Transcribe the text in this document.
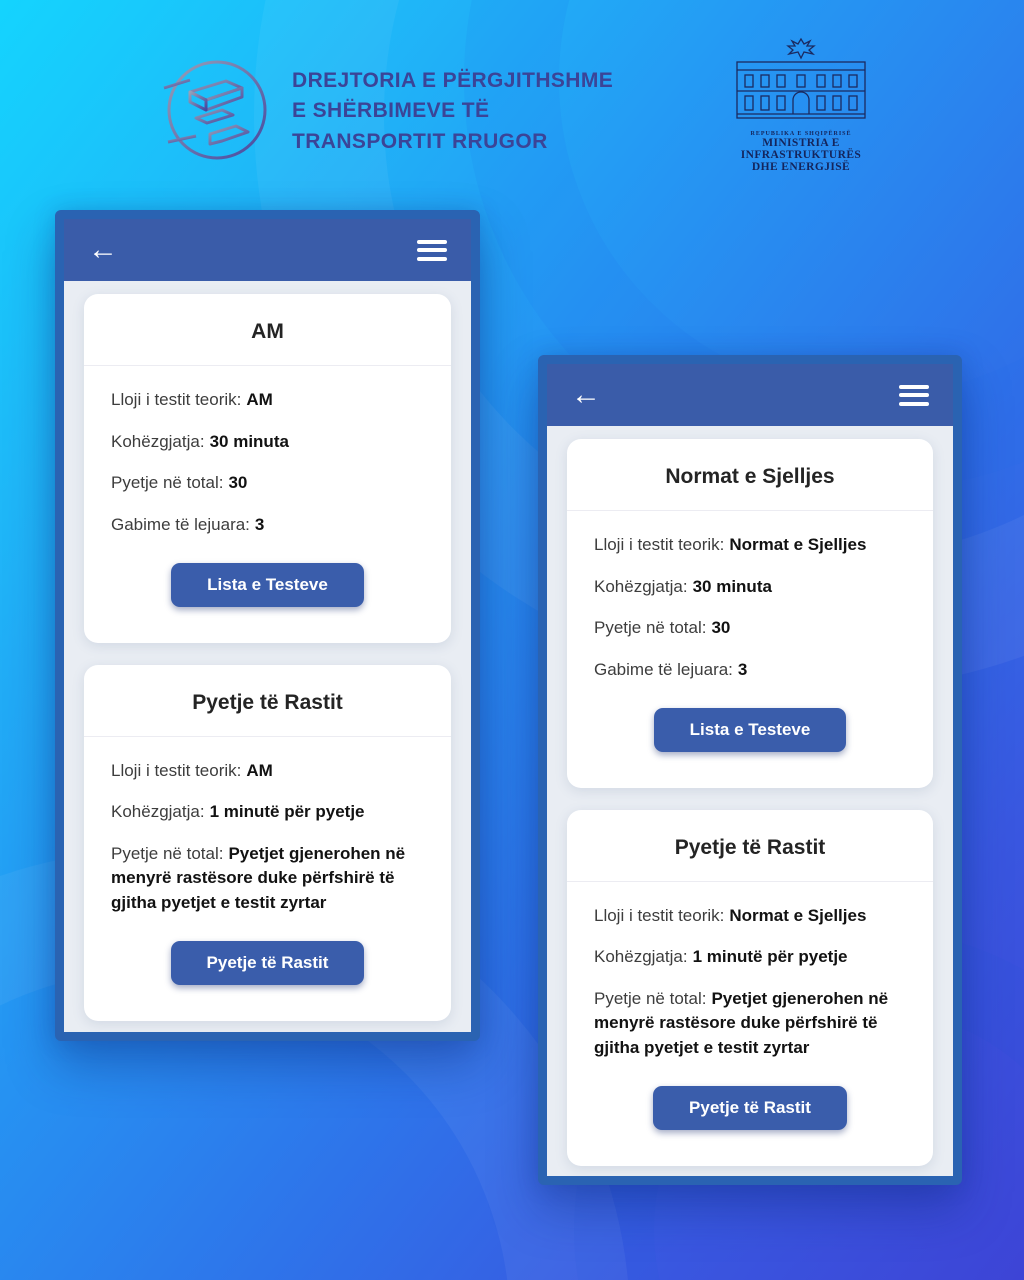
DREJTORIA E PËRGJITHSHME
E SHËRBIMEVE TË
TRANSPORTIT RRUGOR	REPUBLIKA E SHQIPËRISË
MINISTRIA E INFRASTRUKTURËS
DHE ENERGJISË
←
AM

Lloji i testit teorik: AM

Kohëzgjatja: 30 minuta

Pyetje në total: 30

Gabime të lejuara: 3

Lista e Testeve
Pyetje të Rastit

Lloji i testit teorik: AM

Kohëzgjatja: 1 minutë për pyetje

Pyetje në total: Pyetjet gjenerohen në menyrë rastësore duke përfshirë të gjitha pyetjet e testit zyrtar

Pyetje të Rastit
←
Normat e Sjelljes

Lloji i testit teorik: Normat e Sjelljes

Kohëzgjatja: 30 minuta

Pyetje në total: 30

Gabime të lejuara: 3

Lista e Testeve
Pyetje të Rastit

Lloji i testit teorik: Normat e Sjelljes

Kohëzgjatja: 1 minutë për pyetje

Pyetje në total: Pyetjet gjenerohen në menyrë rastësore duke përfshirë të gjitha pyetjet e testit zyrtar

Pyetje të Rastit
